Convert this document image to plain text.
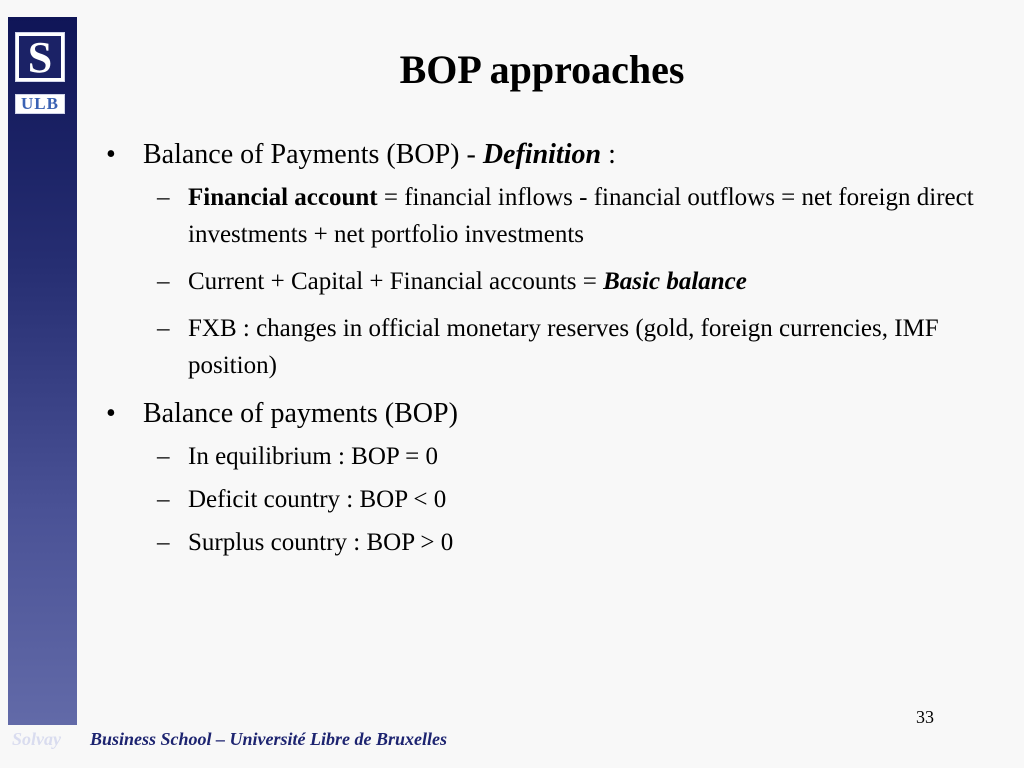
S
ULB
BOP approaches
• Balance of Payments (BOP) - Definition :
– Financial account = financial inflows - financial outflows = net foreign direct investments + net portfolio investments
– Current + Capital + Financial accounts = Basic balance
– FXB : changes in official monetary reserves (gold, foreign currencies, IMF position)
• Balance of payments (BOP)
– In equilibrium : BOP = 0
– Deficit country : BOP < 0
– Surplus country : BOP > 0
33
Solvay Business School – Université Libre de Bruxelles
